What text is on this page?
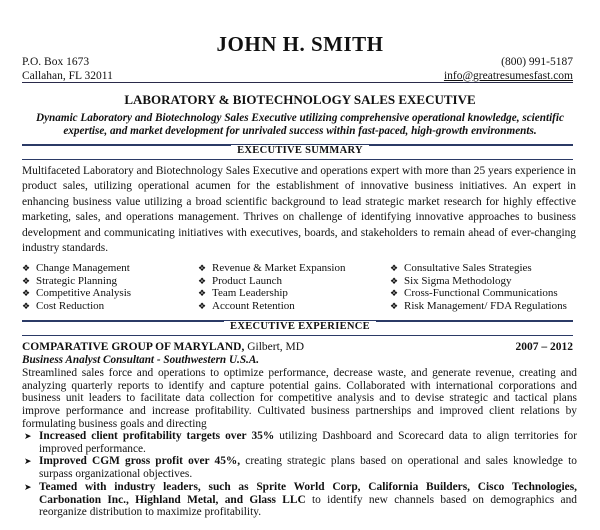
JOHN H. SMITH
P.O. Box 1673
Callahan, FL 32011
(800) 991-5187
info@greatresumesfast.com
LABORATORY & BIOTECHNOLOGY SALES EXECUTIVE
Dynamic Laboratory and Biotechnology Sales Executive utilizing comprehensive operational knowledge, scientific
expertise, and market development for unrivaled success within fast-paced, high-growth environments.
EXECUTIVE SUMMARY
Multifaceted Laboratory and Biotechnology Sales Executive and operations expert with more than 25 years experience in product sales, utilizing operational acumen for the establishment of innovative business initiatives. An expert in enhancing business value utilizing a broad scientific background to lead strategic market research for highly effective marketing, sales, and operations management. Thrives on challenge of identifying innovative approaches to business development and communicating initiatives with executives, boards, and stakeholders to remain ahead of ever-changing industry standards.
❖ Change Management
❖ Strategic Planning
❖ Competitive Analysis
❖ Cost Reduction
❖ Revenue & Market Expansion
❖ Product Launch
❖ Team Leadership
❖ Account Retention
❖ Consultative Sales Strategies
❖ Six Sigma Methodology
❖ Cross-Functional Communications
❖ Risk Management/ FDA Regulations
EXECUTIVE EXPERIENCE
COMPARATIVE GROUP OF MARYLAND, Gilbert, MD	2007 – 2012
Business Analyst Consultant - Southwestern U.S.A.
Streamlined sales force and operations to optimize performance, decrease waste, and generate revenue, creating and analyzing quarterly reports to identify and capture potential gains. Collaborated with international corporations and business unit leaders to facilitate data collection for competitive analysis and to devise strategic and tactical plans improve performance and increase profitability. Cultivated business partnerships and improved client relations by formulating business goals and directing
➤ Increased client profitability targets over 35% utilizing Dashboard and Scorecard data to align territories for improved performance.
➤ Improved CGM gross profit over 45%, creating strategic plans based on operational and sales knowledge to surpass organizational objectives.
➤ Teamed with industry leaders, such as Sprite World Corp, California Builders, Cisco Technologies, Carbonation Inc., Highland Metal, and Glass LLC to identify new channels based on demographics and reorganize distribution to maximize profitability.
